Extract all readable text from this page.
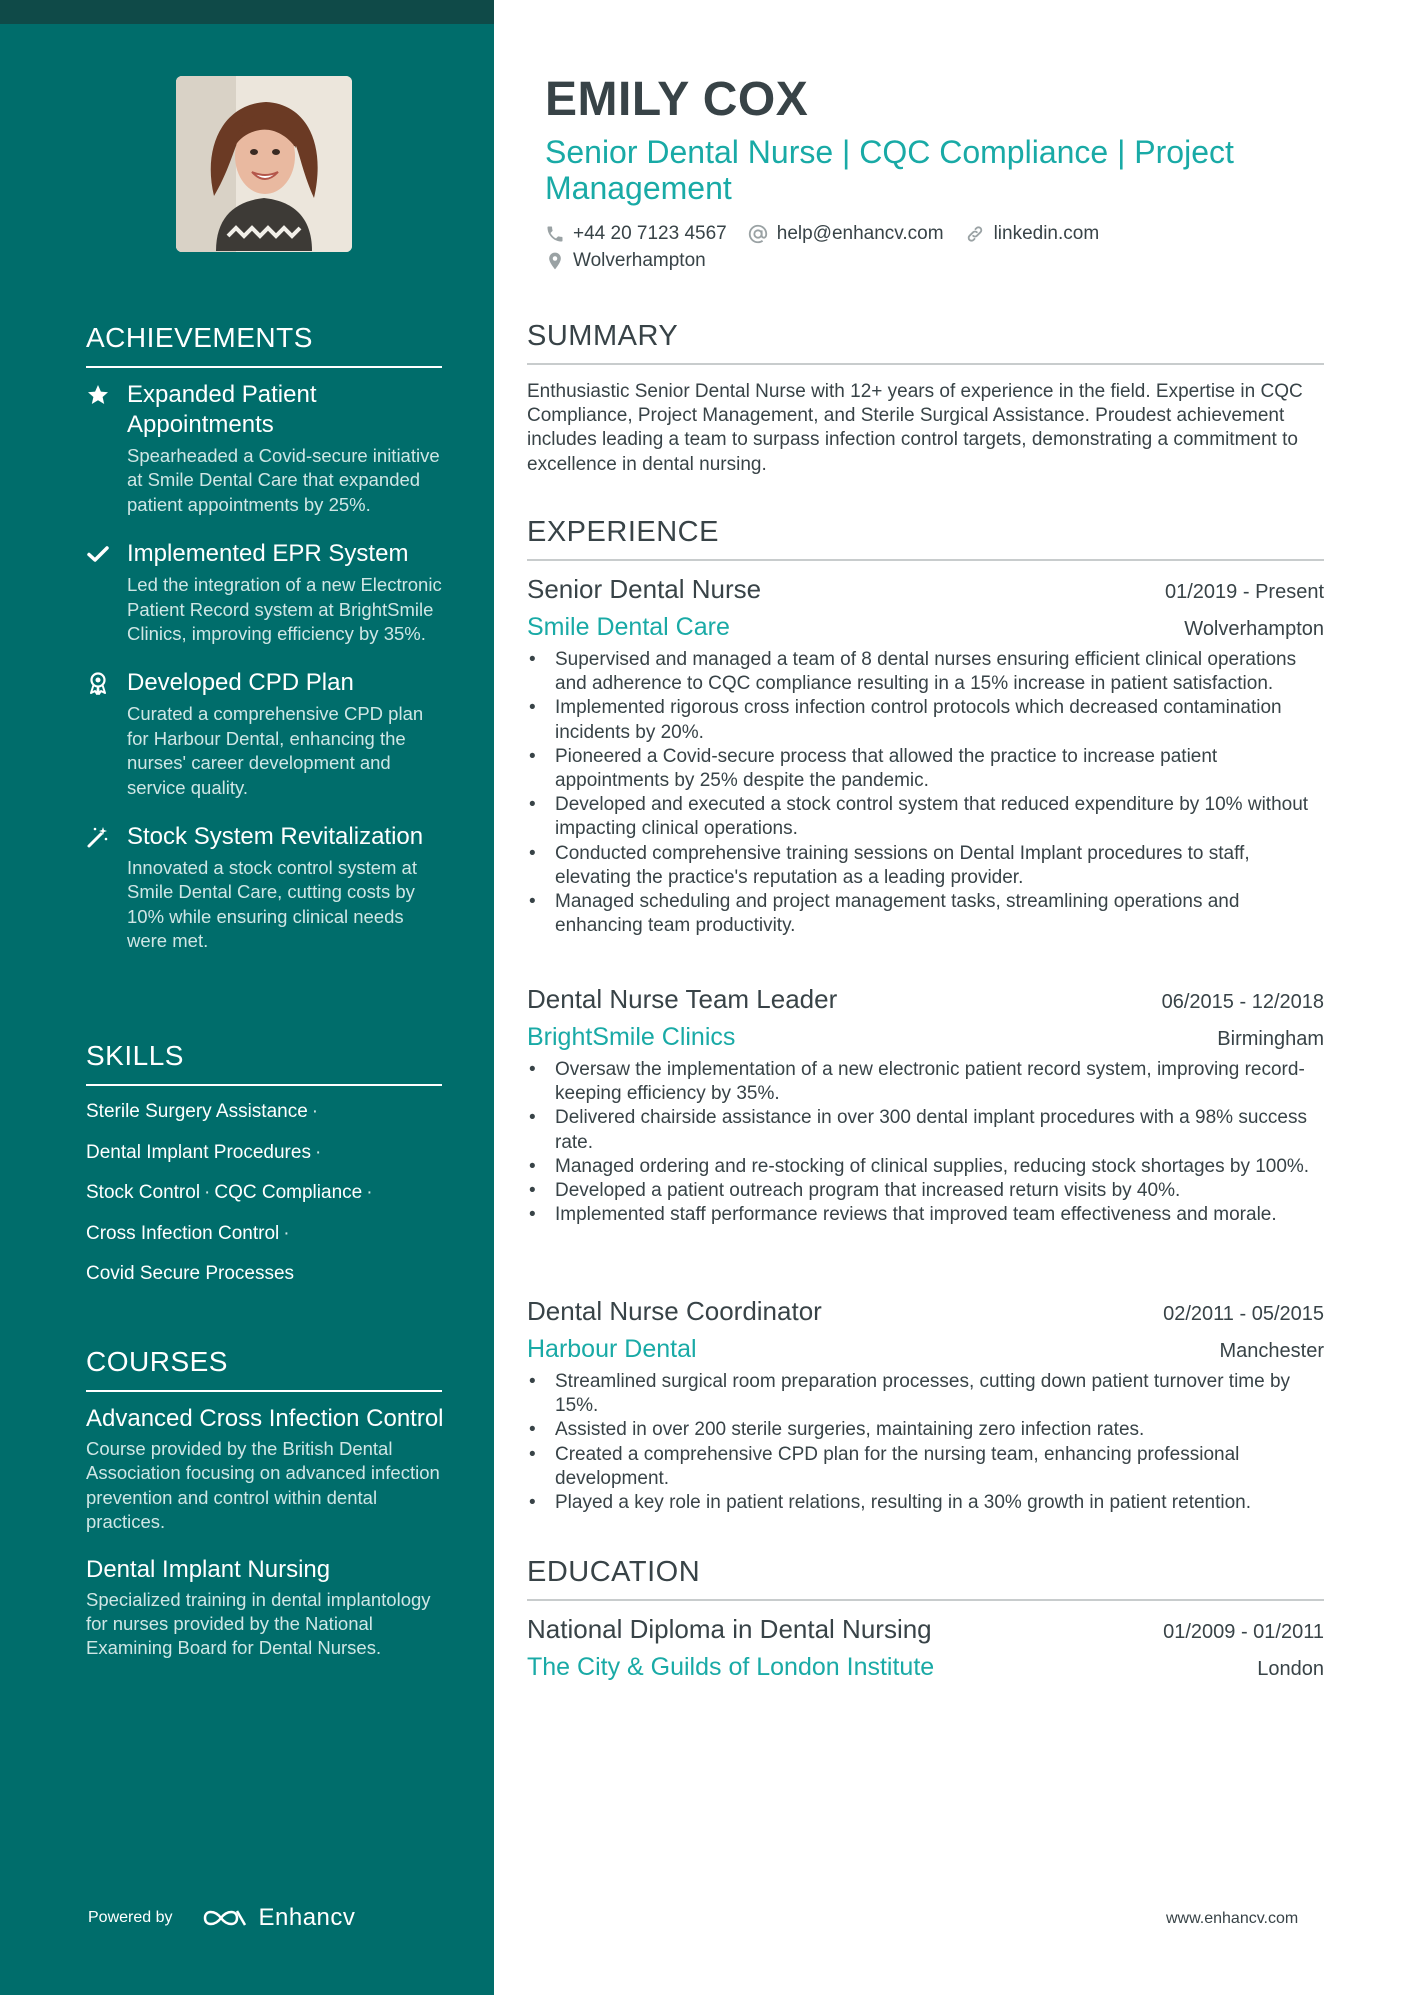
ACHIEVEMENTS
Expanded Patient Appointments
Spearheaded a Covid-secure initiative at Smile Dental Care that expanded patient appointments by 25%.
Implemented EPR System
Led the integration of a new Electronic Patient Record system at BrightSmile Clinics, improving efficiency by 35%.
Developed CPD Plan
Curated a comprehensive CPD plan for Harbour Dental, enhancing the nurses' career development and service quality.
Stock System Revitalization
Innovated a stock control system at Smile Dental Care, cutting costs by 10% while ensuring clinical needs were met.
SKILLS
Sterile Surgery Assistance ·
Dental Implant Procedures ·
Stock Control · CQC Compliance ·
Cross Infection Control ·
Covid Secure Processes
COURSES
Advanced Cross Infection Control
Course provided by the British Dental Association focusing on advanced infection prevention and control within dental practices.
Dental Implant Nursing
Specialized training in dental implantology for nurses provided by the National Examining Board for Dental Nurses.
Powered by	Enhancv
EMILY COX
Senior Dental Nurse | CQC Compliance | Project Management
+44 20 7123 4567	help@enhancv.com	linkedin.com
Wolverhampton
SUMMARY
Enthusiastic Senior Dental Nurse with 12+ years of experience in the field. Expertise in CQC Compliance, Project Management, and Sterile Surgical Assistance. Proudest achievement includes leading a team to surpass infection control targets, demonstrating a commitment to excellence in dental nursing.
EXPERIENCE
Senior Dental Nurse	01/2019 - Present
Smile Dental Care	Wolverhampton
• Supervised and managed a team of 8 dental nurses ensuring efficient clinical operations and adherence to CQC compliance resulting in a 15% increase in patient satisfaction.
• Implemented rigorous cross infection control protocols which decreased contamination incidents by 20%.
• Pioneered a Covid-secure process that allowed the practice to increase patient appointments by 25% despite the pandemic.
• Developed and executed a stock control system that reduced expenditure by 10% without impacting clinical operations.
• Conducted comprehensive training sessions on Dental Implant procedures to staff, elevating the practice's reputation as a leading provider.
• Managed scheduling and project management tasks, streamlining operations and enhancing team productivity.
Dental Nurse Team Leader	06/2015 - 12/2018
BrightSmile Clinics	Birmingham
• Oversaw the implementation of a new electronic patient record system, improving record-keeping efficiency by 35%.
• Delivered chairside assistance in over 300 dental implant procedures with a 98% success rate.
• Managed ordering and re-stocking of clinical supplies, reducing stock shortages by 100%.
• Developed a patient outreach program that increased return visits by 40%.
• Implemented staff performance reviews that improved team effectiveness and morale.
Dental Nurse Coordinator	02/2011 - 05/2015
Harbour Dental	Manchester
• Streamlined surgical room preparation processes, cutting down patient turnover time by 15%.
• Assisted in over 200 sterile surgeries, maintaining zero infection rates.
• Created a comprehensive CPD plan for the nursing team, enhancing professional development.
• Played a key role in patient relations, resulting in a 30% growth in patient retention.
EDUCATION
National Diploma in Dental Nursing	01/2009 - 01/2011
The City & Guilds of London Institute	London
www.enhancv.com
